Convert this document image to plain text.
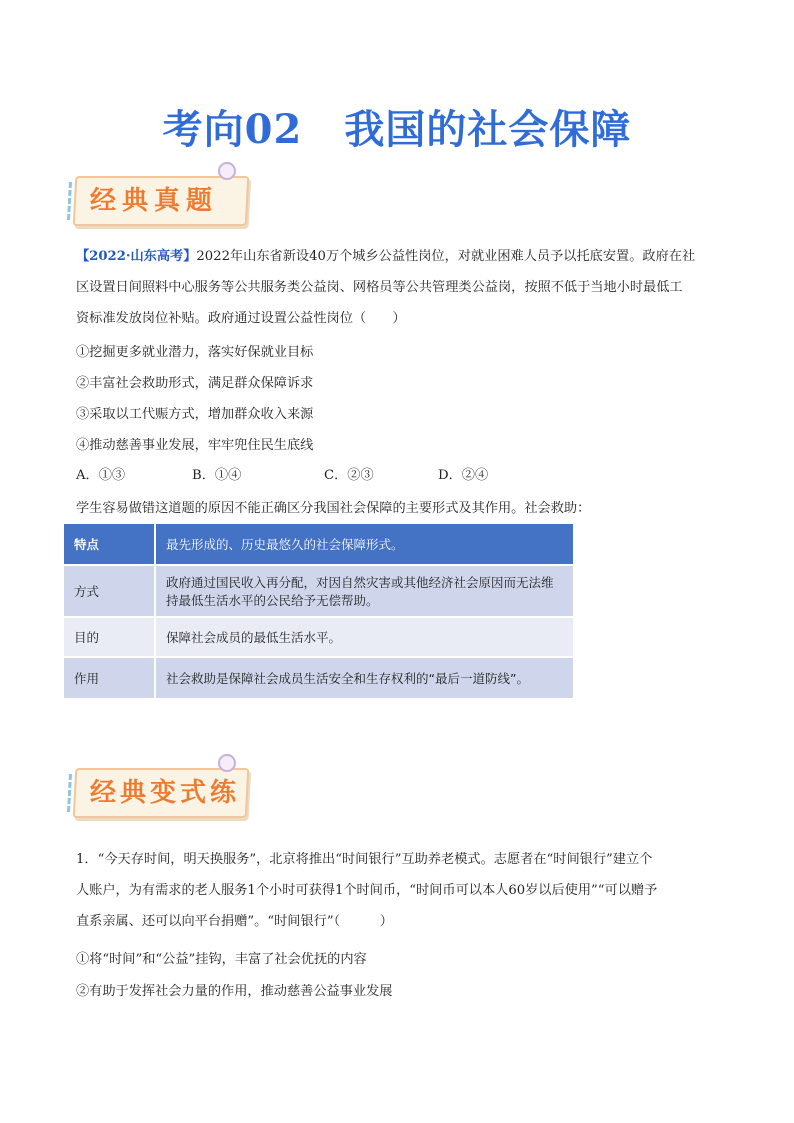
考向02 我国的社会保障
经典真题
【2022·山东高考】2022年山东省新设40万个城乡公益性岗位，对就业困难人员予以托底安置。政府在社
区设置日间照料中心服务等公共服务类公益岗、网格员等公共管理类公益岗，按照不低于当地小时最低工
资标准发放岗位补贴。政府通过设置公益性岗位（　　）
①挖掘更多就业潜力，落实好保就业目标
②丰富社会救助形式，满足群众保障诉求
③采取以工代赈方式，增加群众收入来源
④推动慈善事业发展，牢牢兜住民生底线
A．①③	B．①④	C．②③	D．②④
学生容易做错这道题的原因不能正确区分我国社会保障的主要形式及其作用。社会救助：
特点	最先形成的、历史最悠久的社会保障形式。
方式	政府通过国民收入再分配，对因自然灾害或其他经济社会原因而无法维持最低生活水平的公民给予无偿帮助。
目的	保障社会成员的最低生活水平。
作用	社会救助是保障社会成员生活安全和生存权利的“最后一道防线”。
经典变式练
1．“今天存时间，明天换服务”，北京将推出“时间银行”互助养老模式。志愿者在“时间银行”建立个
人账户，为有需求的老人服务1个小时可获得1个时间币，“时间币可以本人60岁以后使用”“可以赠予
直系亲属、还可以向平台捐赠”。“时间银行”（　　　）
①将“时间”和“公益”挂钩，丰富了社会优抚的内容
②有助于发挥社会力量的作用，推动慈善公益事业发展
